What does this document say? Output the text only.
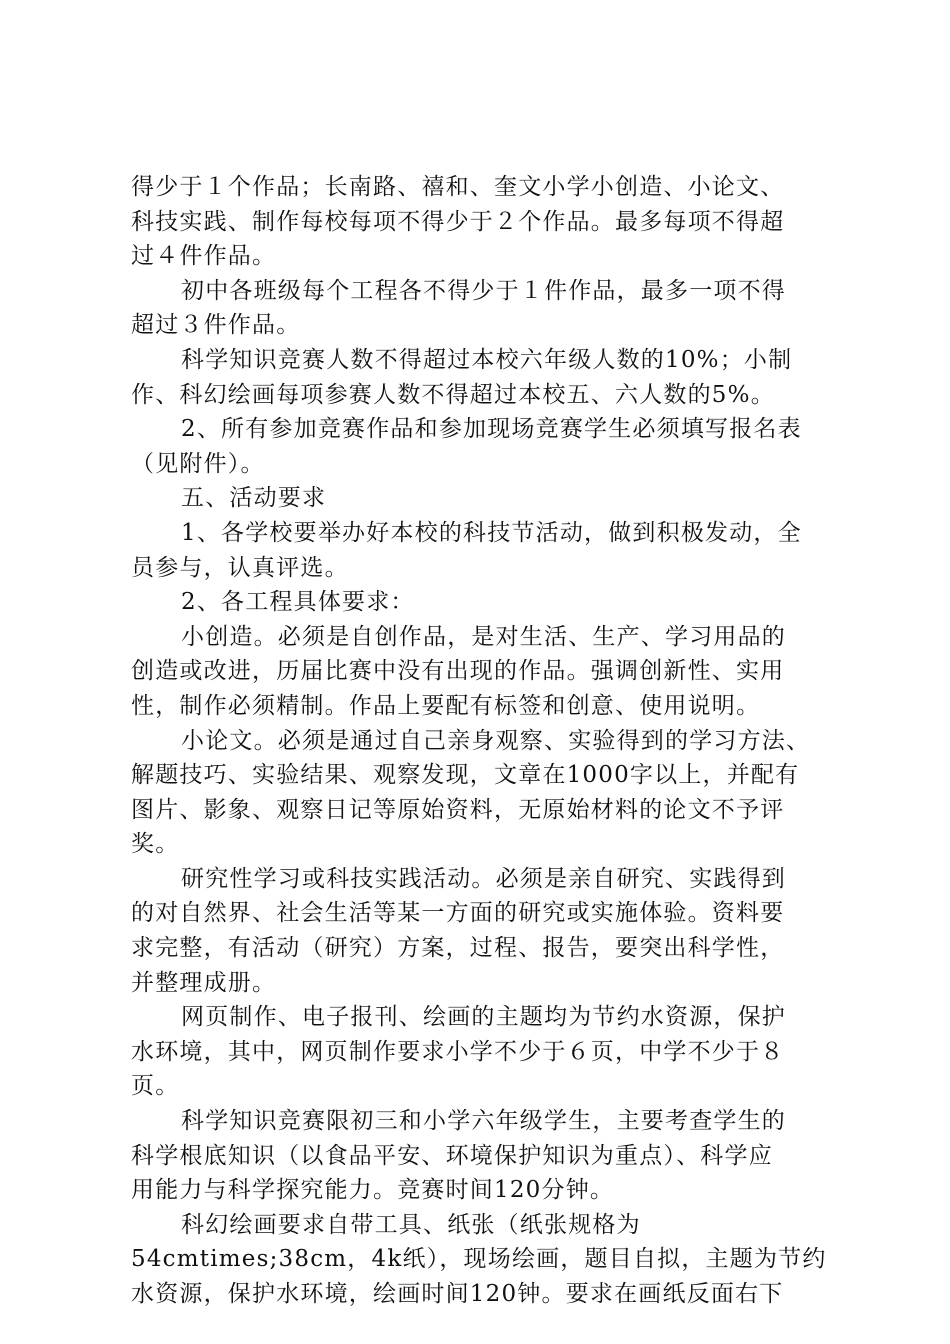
得少于１个作品；长南路、禧和、奎文小学小创造、小论文、
科技实践、制作每校每项不得少于２个作品。最多每项不得超
过４件作品。
初中各班级每个工程各不得少于１件作品，最多一项不得
超过３件作品。
科学知识竞赛人数不得超过本校六年级人数的10%；小制
作、科幻绘画每项参赛人数不得超过本校五、六人数的5%。
2、所有参加竞赛作品和参加现场竞赛学生必须填写报名表
（见附件）。
五、活动要求
1、各学校要举办好本校的科技节活动，做到积极发动，全
员参与，认真评选。
2、各工程具体要求：
小创造。必须是自创作品，是对生活、生产、学习用品的
创造或改进，历届比赛中没有出现的作品。强调创新性、实用
性，制作必须精制。作品上要配有标签和创意、使用说明。
小论文。必须是通过自己亲身观察、实验得到的学习方法、
解题技巧、实验结果、观察发现，文章在1000字以上，并配有
图片、影象、观察日记等原始资料，无原始材料的论文不予评
奖。
研究性学习或科技实践活动。必须是亲自研究、实践得到
的对自然界、社会生活等某一方面的研究或实施体验。资料要
求完整，有活动（研究）方案，过程、报告，要突出科学性，
并整理成册。
网页制作、电子报刊、绘画的主题均为节约水资源，保护
水环境，其中，网页制作要求小学不少于６页，中学不少于８
页。
科学知识竞赛限初三和小学六年级学生，主要考查学生的
科学根底知识（以食品平安、环境保护知识为重点）、科学应
用能力与科学探究能力。竞赛时间120分钟。
科幻绘画要求自带工具、纸张（纸张规格为
54cmtimes;38cm，4k纸），现场绘画，题目自拟，主题为节约
水资源，保护水环境，绘画时间120钟。要求在画纸反面右下
